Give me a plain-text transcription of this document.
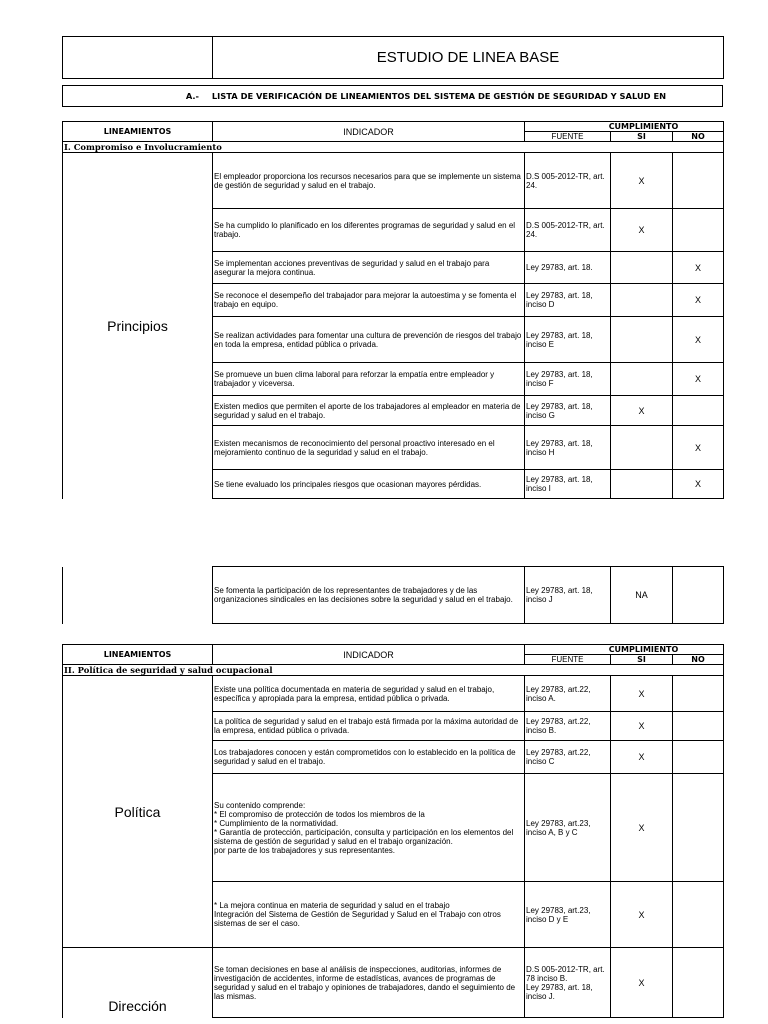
	ESTUDIO DE LINEA BASE
A.- LISTA DE VERIFICACIÓN DE LINEAMIENTOS DEL SISTEMA DE GESTIÓN DE SEGURIDAD Y SALUD EN
LINEAMIENTOS	INDICADOR	CUMPLIMIENTO		
		FUENTE	SI	NO
I. Compromiso e Involucramiento				
Principios	El empleador proporciona los recursos necesarios para que se implemente un sistema de gestión de seguridad y salud en el trabajo.	D.S 005-2012-TR, art. 24.	X	
	Se ha cumplido lo planificado en los diferentes programas de seguridad y salud en el trabajo.	D.S 005-2012-TR, art. 24.	X	
	Se implementan acciones preventivas de seguridad y salud en el trabajo para asegurar la mejora continua.	Ley 29783, art. 18.		X
	Se reconoce el desempeño del trabajador para mejorar la autoestima y se fomenta el trabajo en equipo.	Ley 29783, art. 18, inciso D		X
	Se realizan actividades para fomentar una cultura de prevención de riesgos del trabajo en toda la empresa, entidad pública o privada.	Ley 29783, art. 18, inciso E		X
	Se promueve un buen clima laboral para reforzar la empatía entre empleador y trabajador y viceversa.	Ley 29783, art. 18, inciso F		X
	Existen medios que permiten el aporte de los trabajadores al empleador en materia de seguridad y salud en el trabajo.	Ley 29783, art. 18, inciso G	X	
	Existen mecanismos de reconocimiento del personal proactivo interesado en el mejoramiento continuo de la seguridad y salud en el trabajo.	Ley 29783, art. 18, inciso H		X
	Se tiene evaluado los principales riesgos que ocasionan mayores pérdidas.	Ley 29783, art. 18, inciso I		X
	Se fomenta la participación de los representantes de trabajadores y de las organizaciones sindicales en las decisiones sobre la seguridad y salud en el trabajo.	Ley 29783, art. 18, inciso J	NA	
LINEAMIENTOS	INDICADOR	CUMPLIMIENTO		
		FUENTE	SI	NO
II. Política de seguridad y salud ocupacional				
Política	Existe una política documentada en materia de seguridad y salud en el trabajo, específica y apropiada para la empresa, entidad pública o privada.	Ley 29783, art.22, inciso A.	X	
	La política de seguridad y salud en el trabajo está firmada por la máxima autoridad de la empresa, entidad pública o privada.	Ley 29783, art.22, inciso B.	X	
	Los trabajadores conocen y están comprometidos con lo establecido en la política de seguridad y salud en el trabajo.	Ley 29783, art.22, inciso C	X	
	Su contenido comprende:
* El compromiso de protección de todos los miembros de la
* Cumplimiento de la normatividad.
* Garantía de protección, participación, consulta y participación en los elementos del sistema de gestión de seguridad y salud en el trabajo organización.
por parte de los trabajadores y sus representantes.	Ley 29783, art.23, inciso A, B y C	X	
	* La mejora continua en materia de seguridad y salud en el trabajo
Integración del Sistema de Gestión de Seguridad y Salud en el Trabajo con otros sistemas de ser el caso.	Ley 29783, art.23, inciso D y E	X	
Dirección	Se toman decisiones en base al análisis de inspecciones, auditorias, informes de investigación de accidentes, informe de estadísticas, avances de programas de seguridad y salud en el trabajo y opiniones de trabajadores, dando el seguimiento de las mismas.	D.S 005-2012-TR, art. 78 inciso B.
Ley 29783, art. 18, inciso J.	X	
